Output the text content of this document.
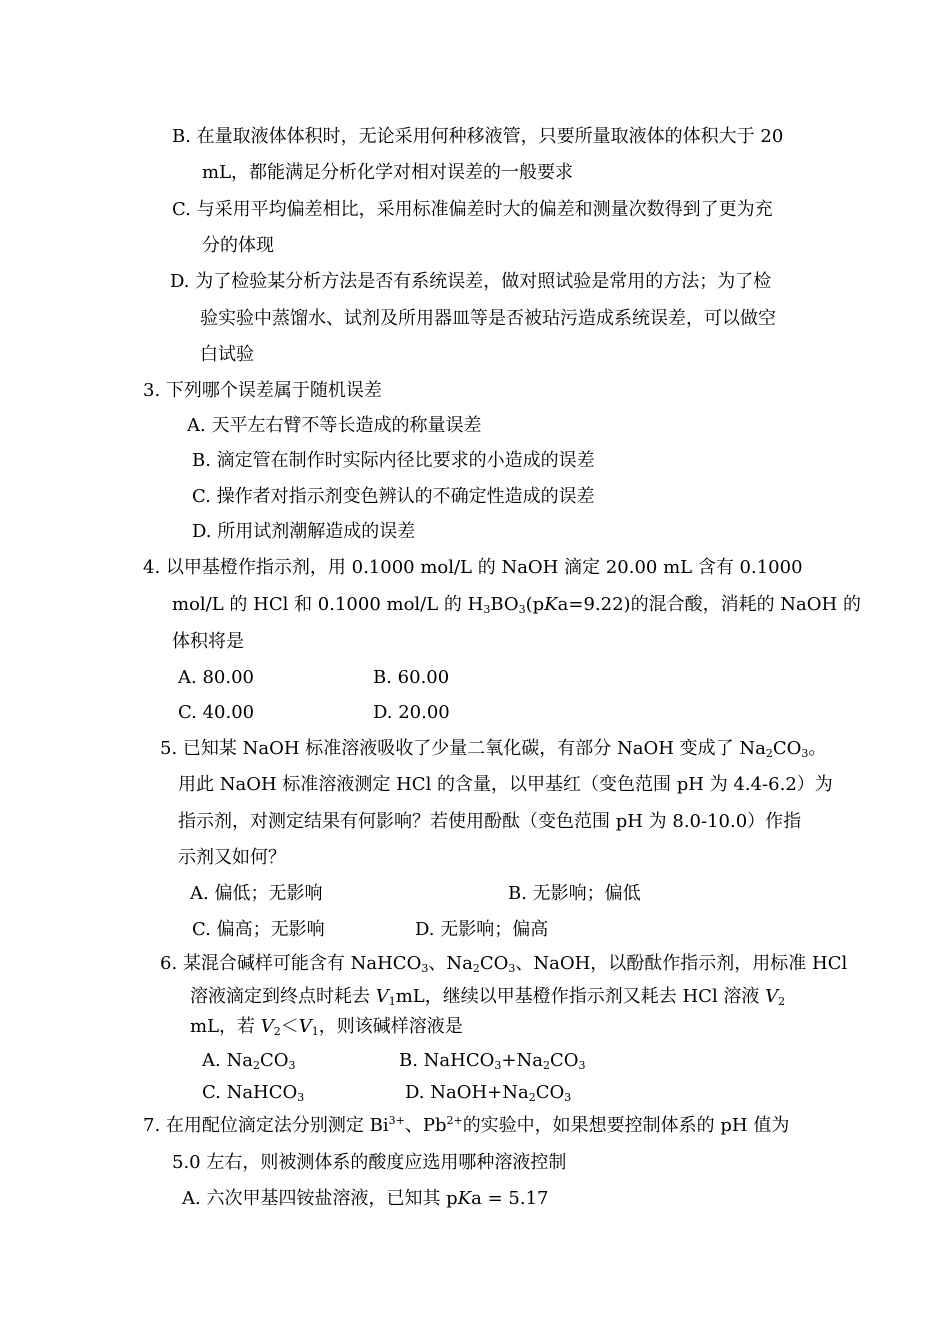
B. 在量取液体体积时，无论采用何种移液管，只要所量取液体的体积大于 20
mL，都能满足分析化学对相对误差的一般要求
C. 与采用平均偏差相比，采用标准偏差时大的偏差和测量次数得到了更为充
分的体现
D. 为了检验某分析方法是否有系统误差，做对照试验是常用的方法；为了检
验实验中蒸馏水、试剂及所用器皿等是否被玷污造成系统误差，可以做空
白试验
3. 下列哪个误差属于随机误差
A. 天平左右臂不等长造成的称量误差
B. 滴定管在制作时实际内径比要求的小造成的误差
C. 操作者对指示剂变色辨认的不确定性造成的误差
D. 所用试剂潮解造成的误差
4. 以甲基橙作指示剂，用 0.1000 mol/L 的 NaOH 滴定 20.00 mL 含有 0.1000
mol/L 的 HCl 和 0.1000 mol/L 的 $H_3BO_3(pKa=9.22)$的混合酸，消耗的 NaOH 的
体积将是
A. 80.00	B. 60.00
C. 40.00	D. 20.00
5. 已知某 NaOH 标准溶液吸收了少量二氧化碳，有部分 NaOH 变成了 $Na_2CO_3$。
用此 NaOH 标准溶液测定 HCl 的含量，以甲基红（变色范围 pH 为 4.4-6.2）为
指示剂，对测定结果有何影响？若使用酚酞（变色范围 pH 为 8.0-10.0）作指
示剂又如何？
A. 偏低；无影响	B. 无影响；偏低
C. 偏高；无影响	D. 无影响；偏高
6. 某混合碱样可能含有 NaHCO$_3$、$Na_2CO_3$、NaOH，以酚酞作指示剂，用标准 HCl
溶液滴定到终点时耗去 $V_1mL$，继续以甲基橙作指示剂又耗去 HCl 溶液 $V_2$
mL，若 $V_2<V_1$，则该碱样溶液是
A. $Na_2CO_3$	B. $NaHCO_3+Na_2CO_3$
C. NaHCO$_3$	D. $NaOH+Na_2CO_3$
7. 在用配位滴定法分别测定 $Bi^{3+}$、$Pb^{2+}$的实验中，如果想要控制体系的 pH 值为
5.0 左右，则被测体系的酸度应选用哪种溶液控制
A. 六次甲基四铵盐溶液，已知其 pKa = 5.17
